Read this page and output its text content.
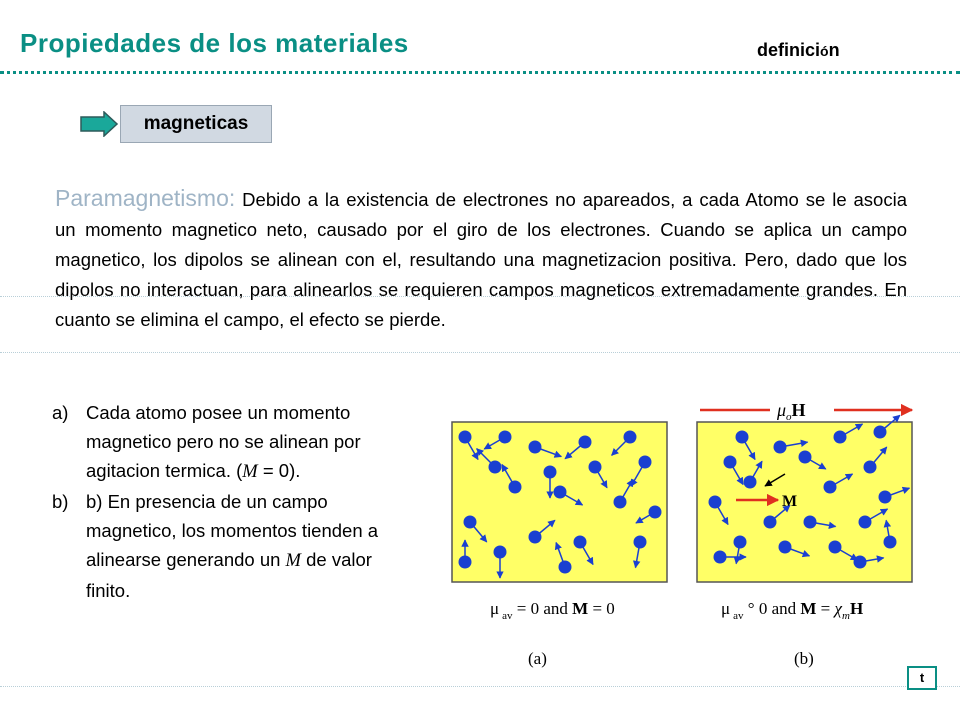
Propiedades de los materiales	definición
magneticas
Paramagnetismo: Debido a la existencia de electrones no apareados, a cada Atomo se le asocia un momento magnetico neto, causado por el giro de los electrones. Cuando se aplica un campo magnetico, los dipolos se alinean con el, resultando una magnetizacion positiva. Pero, dado que los dipolos no interactuan, para alinearlos se requieren campos magneticos extremadamente grandes. En cuanto se elimina el campo, el efecto se pierde.
a) Cada atomo posee un momento magnetico pero no se alinean por agitacion termica. (M = 0).
b) b) En presencia de un campo magnetico, los momentos tienden a alinearse generando un M de valor finito.
$\mu_oH$
M
μ $_{av}$ = 0 and M = 0	μ $_{av}$ ° 0 and $M = \chi_mH$
(a)	(b)
t
